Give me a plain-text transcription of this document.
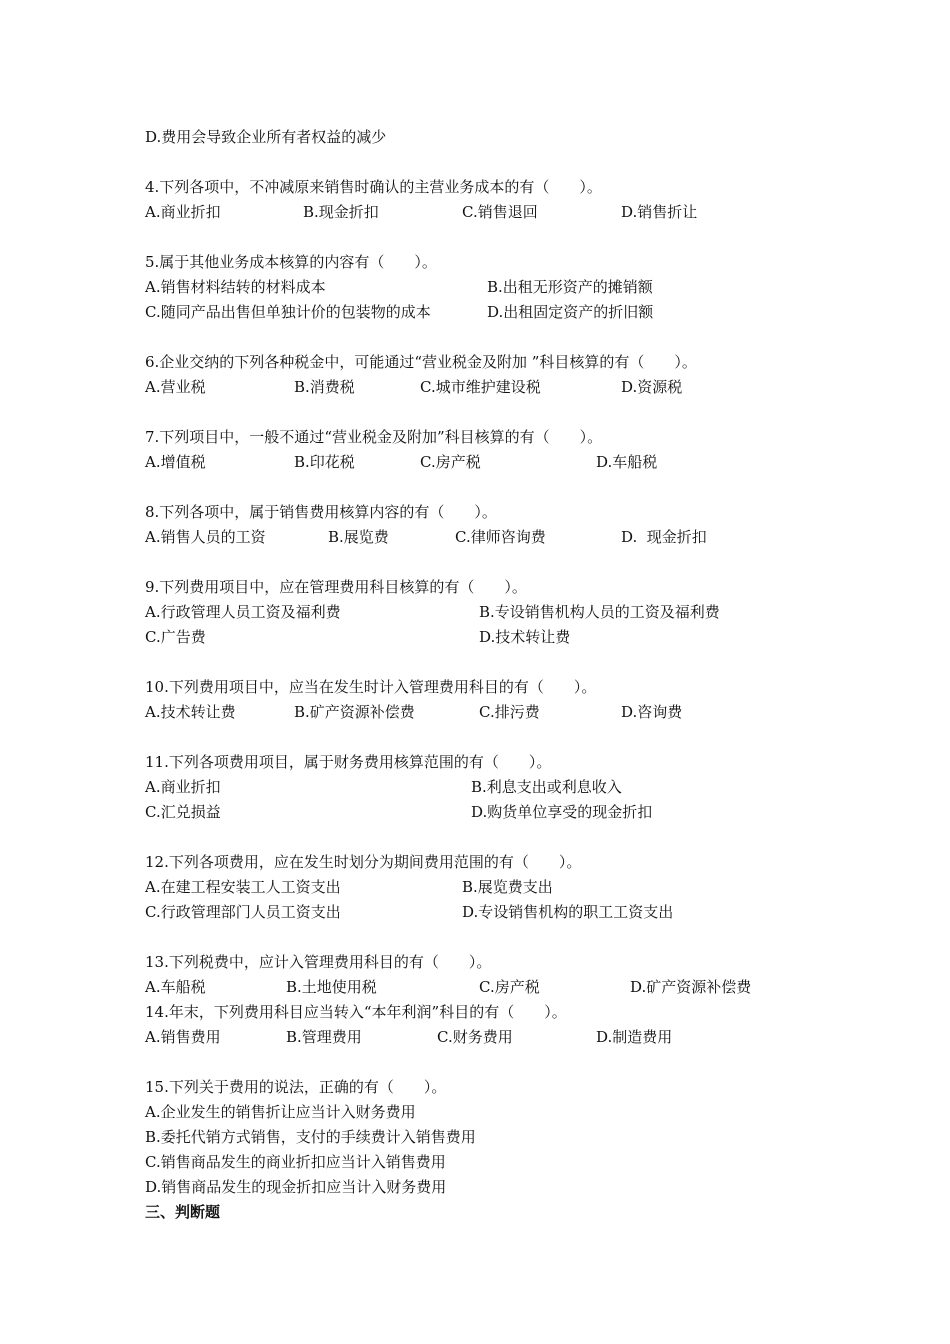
D.费用会导致企业所有者权益的减少
4.下列各项中，不冲减原来销售时确认的主营业务成本的有（　　）。
A.商业折扣	B.现金折扣	C.销售退回	D.销售折让
5.属于其他业务成本核算的内容有（　　）。
A.销售材料结转的材料成本	B.出租无形资产的摊销额
C.随同产品出售但单独计价的包装物的成本	D.出租固定资产的折旧额
6.企业交纳的下列各种税金中，可能通过“营业税金及附加 ”科目核算的有（　　）。
A.营业税	B.消费税	C.城市维护建设税	D.资源税
7.下列项目中，一般不通过“营业税金及附加”科目核算的有（　　）。
A.增值税	B.印花税	C.房产税	D.车船税
8.下列各项中，属于销售费用核算内容的有（　　）。
A.销售人员的工资	B.展览费	C.律师咨询费	D.  现金折扣
9.下列费用项目中，应在管理费用科目核算的有（　　）。
A.行政管理人员工资及福利费	B.专设销售机构人员的工资及福利费
C.广告费	D.技术转让费
10.下列费用项目中，应当在发生时计入管理费用科目的有（　　）。
A.技术转让费	B.矿产资源补偿费	C.排污费	D.咨询费
11.下列各项费用项目，属于财务费用核算范围的有（　　）。
A.商业折扣	B.利息支出或利息收入
C.汇兑损益	D.购货单位享受的现金折扣
12.下列各项费用，应在发生时划分为期间费用范围的有（　　）。
A.在建工程安装工人工资支出	B.展览费支出
C.行政管理部门人员工资支出	D.专设销售机构的职工工资支出
13.下列税费中，应计入管理费用科目的有（　　）。
A.车船税	B.土地使用税	C.房产税	D.矿产资源补偿费
14.年末，下列费用科目应当转入“本年利润”科目的有（　　）。
A.销售费用	B.管理费用	C.财务费用	D.制造费用
15.下列关于费用的说法，正确的有（　　）。
A.企业发生的销售折让应当计入财务费用
B.委托代销方式销售，支付的手续费计入销售费用
C.销售商品发生的商业折扣应当计入销售费用
D.销售商品发生的现金折扣应当计入财务费用
三、判断题
